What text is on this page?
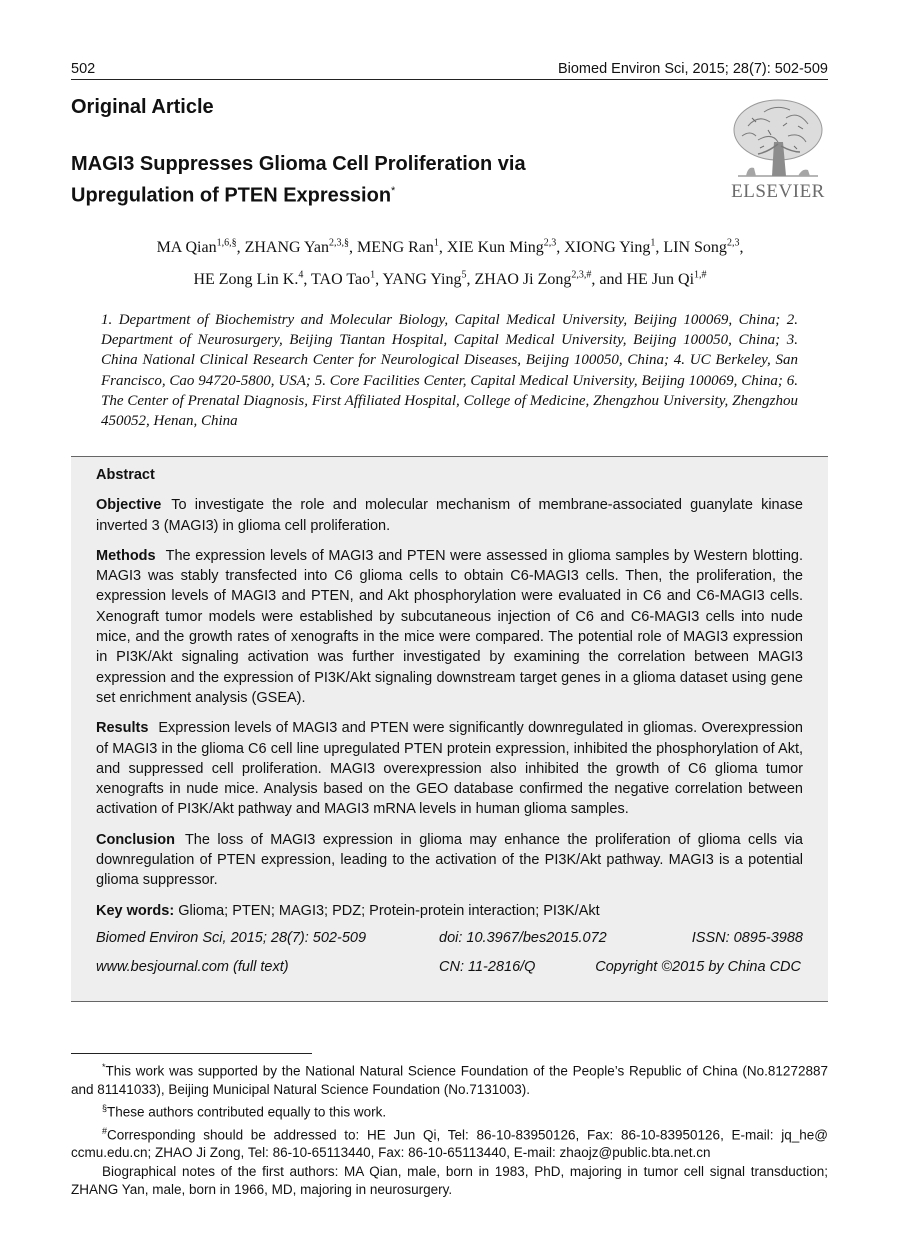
502	Biomed Environ Sci, 2015; 28(7): 502-509
Original Article
MAGI3 Suppresses Glioma Cell Proliferation via
Upregulation of PTEN Expression*	ELSEVIER
MA Qian$^{1,6,\S}$, ZHANG Yan$^{2,3,\S}$, MENG Ran$^1$, XIE Kun Ming$^{2,3}$, XIONG Ying$^1$, LIN Song$^{2,3}$,
HE Zong Lin K.$^4$, TAO Tao$^1$, YANG Ying$^5$, ZHAO Ji Zong$^{2,3,\#}$, and HE Jun $Qi^{1,\#}$
1. Department of Biochemistry and Molecular Biology, Capital Medical University, Beijing 100069, China; 2. Department of Neurosurgery, Beijing Tiantan Hospital, Capital Medical University, Beijing 100050, China; 3. China National Clinical Research Center for Neurological Diseases, Beijing 100050, China; 4. UC Berkeley, San Francisco, Cao 94720-5800, USA; 5. Core Facilities Center, Capital Medical University, Beijing 100069, China; 6. The Center of Prenatal Diagnosis, First Affiliated Hospital, College of Medicine, Zhengzhou University, Zhengzhou 450052, Henan, China

Abstract

Objective To investigate the role and molecular mechanism of membrane-associated guanylate kinase inverted 3 (MAGI3) in glioma cell proliferation.

Methods The expression levels of MAGI3 and PTEN were assessed in glioma samples by Western blotting. MAGI3 was stably transfected into C6 glioma cells to obtain C6-MAGI3 cells. Then, the proliferation, the expression levels of MAGI3 and PTEN, and Akt phosphorylation were evaluated in C6 and C6-MAGI3 cells. Xenograft tumor models were established by subcutaneous injection of C6 and C6-MAGI3 cells into nude mice, and the growth rates of xenografts in the mice were compared. The potential role of MAGI3 expression in PI3K/Akt signaling activation was further investigated by examining the correlation between MAGI3 expression and the expression of PI3K/Akt signaling downstream target genes in a glioma dataset using gene set enrichment analysis (GSEA).

Results Expression levels of MAGI3 and PTEN were significantly downregulated in gliomas. Overexpression of MAGI3 in the glioma C6 cell line upregulated PTEN protein expression, inhibited the phosphorylation of Akt, and suppressed cell proliferation. MAGI3 overexpression also inhibited the growth of C6 glioma tumor xenografts in nude mice. Analysis based on the GEO database confirmed the negative correlation between activation of PI3K/Akt pathway and MAGI3 mRNA levels in human glioma samples.

Conclusion The loss of MAGI3 expression in glioma may enhance the proliferation of glioma cells via downregulation of PTEN expression, leading to the activation of the PI3K/Akt pathway. MAGI3 is a potential glioma suppressor.

Key words: Glioma; PTEN; MAGI3; PDZ; Protein-protein interaction; PI3K/Akt

Biomed Environ Sci, 2015; 28(7): 502-509	doi: 10.3967/bes2015.072	ISSN: 0895-3988
www.besjournal.com (full text)	CN: 11-2816/Q	Copyright ©2015 by China CDC

*This work was supported by the National Natural Science Foundation of the People’s Republic of China (No.81272887 and 81141033), Beijing Municipal Natural Science Foundation (No.7131003).

§These authors contributed equally to this work.

#Corresponding should be addressed to: HE Jun Qi, Tel: 86-10-83950126, Fax: 86-10-83950126, E-mail: jq_he@ ccmu.edu.cn; ZHAO Ji Zong, Tel: 86-10-65113440, Fax: 86-10-65113440, E-mail: zhaojz@public.bta.net.cn

Biographical notes of the first authors: MA Qian, male, born in 1983, PhD, majoring in tumor cell signal transduction; ZHANG Yan, male, born in 1966, MD, majoring in neurosurgery.
